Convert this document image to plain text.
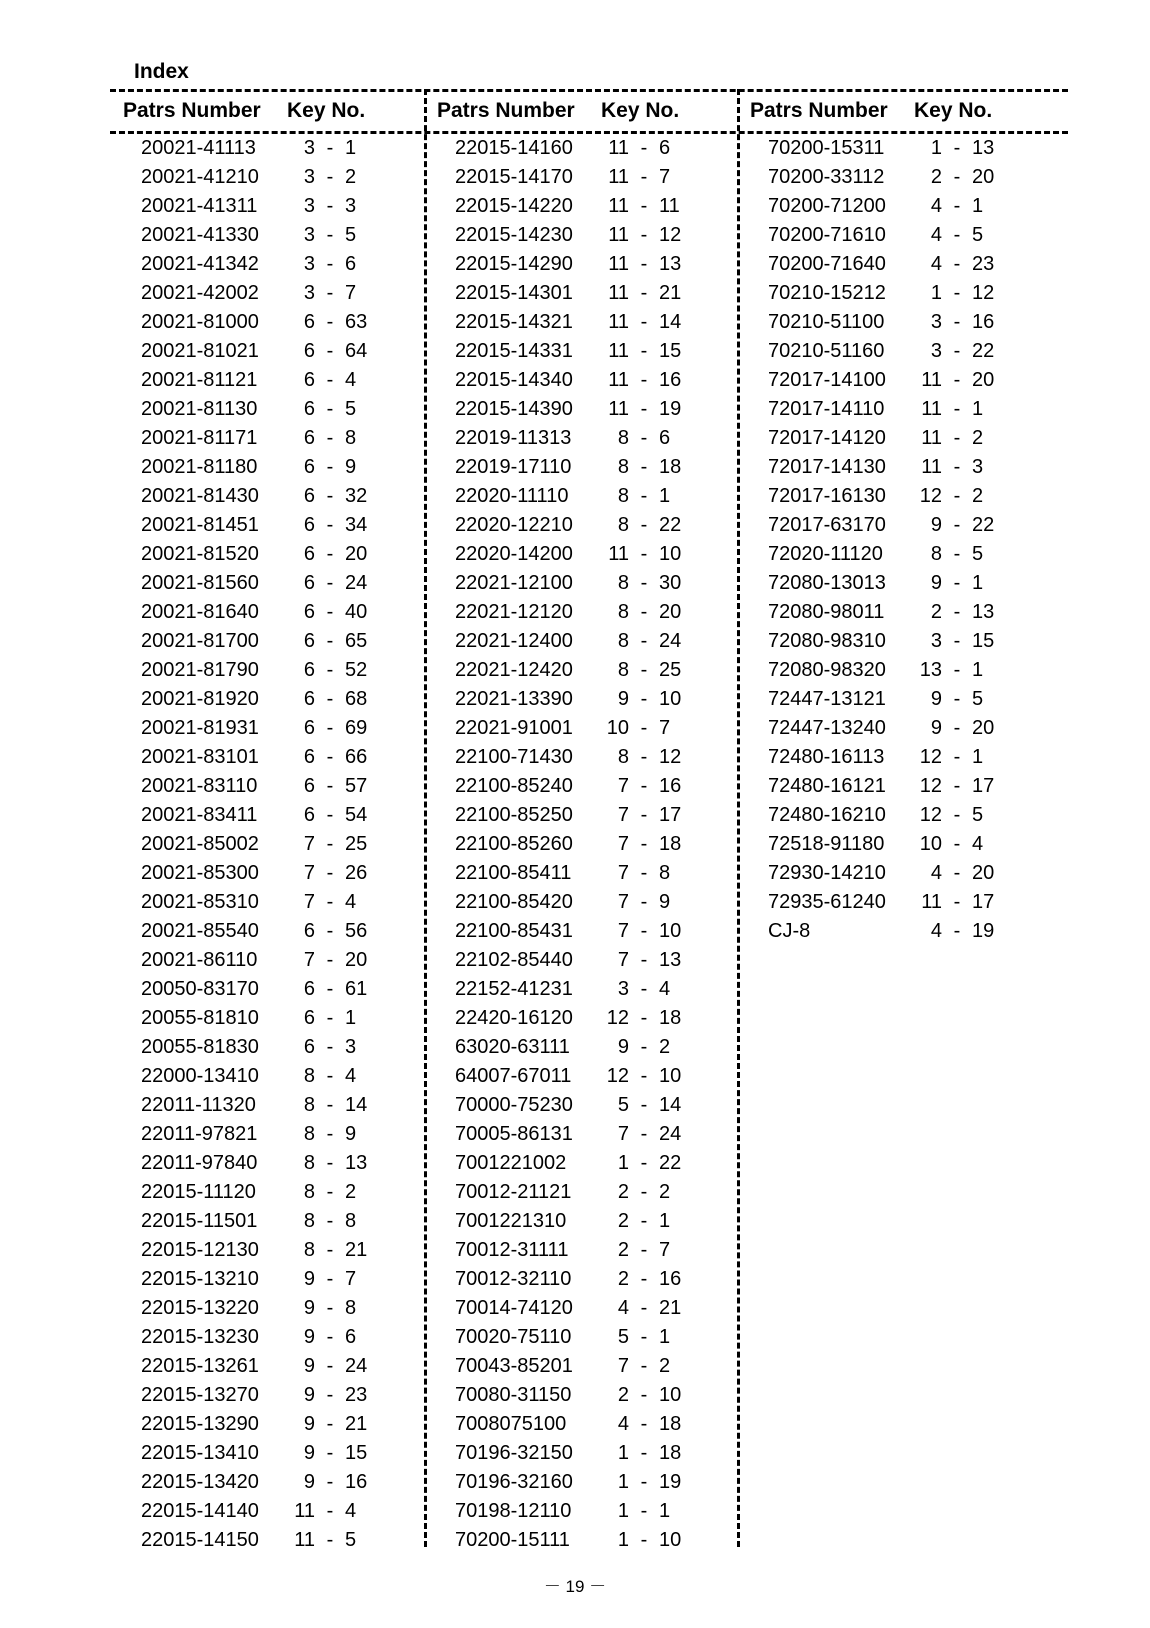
Index
Patrs Number	Key No.
20021-41113	3 - 1
20021-41210	3 - 2
20021-41311	3 - 3
20021-41330	3 - 5
20021-41342	3 - 6
20021-42002	3 - 7
20021-81000	6 - 63
20021-81021	6 - 64
20021-81121	6 - 4
20021-81130	6 - 5
20021-81171	6 - 8
20021-81180	6 - 9
20021-81430	6 - 32
20021-81451	6 - 34
20021-81520	6 - 20
20021-81560	6 - 24
20021-81640	6 - 40
20021-81700	6 - 65
20021-81790	6 - 52
20021-81920	6 - 68
20021-81931	6 - 69
20021-83101	6 - 66
20021-83110	6 - 57
20021-83411	6 - 54
20021-85002	7 - 25
20021-85300	7 - 26
20021-85310	7 - 4
20021-85540	6 - 56
20021-86110	7 - 20
20050-83170	6 - 61
20055-81810	6 - 1
20055-81830	6 - 3
22000-13410	8 - 4
22011-11320	8 - 14
22011-97821	8 - 9
22011-97840	8 - 13
22015-11120	8 - 2
22015-11501	8 - 8
22015-12130	8 - 21
22015-13210	9 - 7
22015-13220	9 - 8
22015-13230	9 - 6
22015-13261	9 - 24
22015-13270	9 - 23
22015-13290	9 - 21
22015-13410	9 - 15
22015-13420	9 - 16
22015-14140	11 - 4
22015-14150	11 - 5
Patrs Number	Key No.
22015-14160	11 - 6
22015-14170	11 - 7
22015-14220	11 - 11
22015-14230	11 - 12
22015-14290	11 - 13
22015-14301	11 - 21
22015-14321	11 - 14
22015-14331	11 - 15
22015-14340	11 - 16
22015-14390	11 - 19
22019-11313	8 - 6
22019-17110	8 - 18
22020-11110	8 - 1
22020-12210	8 - 22
22020-14200	11 - 10
22021-12100	8 - 30
22021-12120	8 - 20
22021-12400	8 - 24
22021-12420	8 - 25
22021-13390	9 - 10
22021-91001	10 - 7
22100-71430	8 - 12
22100-85240	7 - 16
22100-85250	7 - 17
22100-85260	7 - 18
22100-85411	7 - 8
22100-85420	7 - 9
22100-85431	7 - 10
22102-85440	7 - 13
22152-41231	3 - 4
22420-16120	12 - 18
63020-63111	9 - 2
64007-67011	12 - 10
70000-75230	5 - 14
70005-86131	7 - 24
7001221002	1 - 22
70012-21121	2 - 2
7001221310	2 - 1
70012-31111	2 - 7
70012-32110	2 - 16
70014-74120	4 - 21
70020-75110	5 - 1
70043-85201	7 - 2
70080-31150	2 - 10
7008075100	4 - 18
70196-32150	1 - 18
70196-32160	1 - 19
70198-12110	1 - 1
70200-15111	1 - 10
Patrs Number	Key No.
70200-15311	1 - 13
70200-33112	2 - 20
70200-71200	4 - 1
70200-71610	4 - 5
70200-71640	4 - 23
70210-15212	1 - 12
70210-51100	3 - 16
70210-51160	3 - 22
72017-14100	11 - 20
72017-14110	11 - 1
72017-14120	11 - 2
72017-14130	11 - 3
72017-16130	12 - 2
72017-63170	9 - 22
72020-11120	8 - 5
72080-13013	9 - 1
72080-98011	2 - 13
72080-98310	3 - 15
72080-98320	13 - 1
72447-13121	9 - 5
72447-13240	9 - 20
72480-16113	12 - 1
72480-16121	12 - 17
72480-16210	12 - 5
72518-91180	10 - 4
72930-14210	4 - 20
72935-61240	11 - 17
CJ-8	4 - 19
－ 19 －
